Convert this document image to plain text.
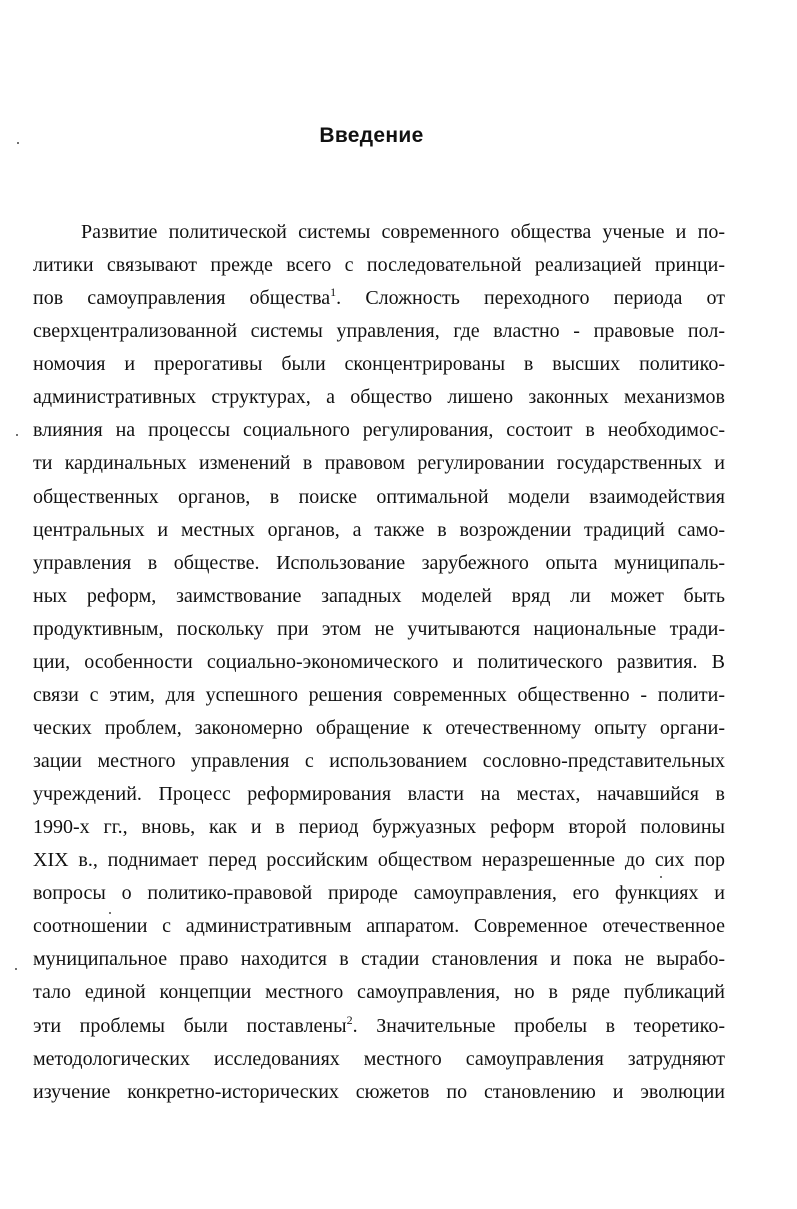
Введение
Развитие политической системы современного общества ученые и по-
литики связывают прежде всего с последовательной реализацией принци-
пов самоуправления общества$^1$. Сложность переходного периода от
сверхцентрализованной системы управления, где властно - правовые пол-
номочия и прерогативы были сконцентрированы в высших политико-
административных структурах, а общество лишено законных механизмов
влияния на процессы социального регулирования, состоит в необходимос-
ти кардинальных изменений в правовом регулировании государственных и
общественных органов, в поиске оптимальной модели взаимодействия
центральных и местных органов, а также в возрождении традиций само-
управления в обществе. Использование зарубежного опыта муниципаль-
ных реформ, заимствование западных моделей вряд ли может быть
продуктивным, поскольку при этом не учитываются национальные тради-
ции, особенности социально-экономического и политического развития. В
связи с этим, для успешного решения современных общественно - полити-
ческих проблем, закономерно обращение к отечественному опыту органи-
зации местного управления с использованием сословно-представительных
учреждений. Процесс реформирования власти на местах, начавшийся в
1990-х гг., вновь, как и в период буржуазных реформ второй половины
XIX в., поднимает перед российским обществом неразрешенные до сих пор
вопросы о политико-правовой природе самоуправления, его функциях и
соотношении с административным аппаратом. Современное отечественное
муниципальное право находится в стадии становления и пока не вырабо-
тало единой концепции местного самоуправления, но в ряде публикаций
эти проблемы были поставлены$^2$. Значительные пробелы в теоретико-
методологических исследованиях местного самоуправления затрудняют
изучение конкретно-исторических сюжетов по становлению и эволюции
